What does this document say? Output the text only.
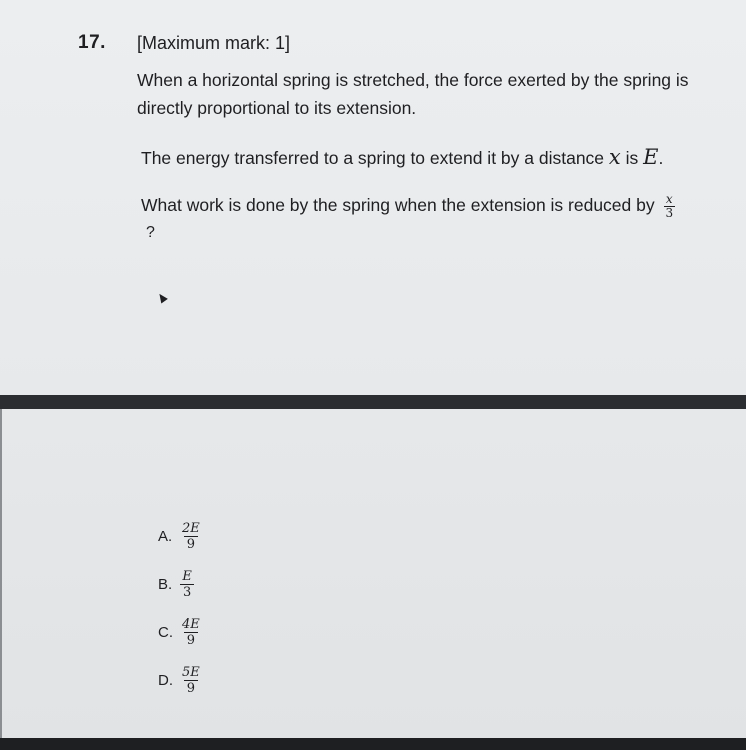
17. [Maximum mark: 1]
When a horizontal spring is stretched, the force exerted by the spring is directly proportional to its extension.
The energy transferred to a spring to extend it by a distance x is E.
What work is done by the spring when the extension is reduced by $\frac{x}{3}$
?
A. $\frac{2E}{9}$
B. $\frac{E}{3}$
C. $\frac{4E}{9}$
D. $\frac{5E}{9}$
